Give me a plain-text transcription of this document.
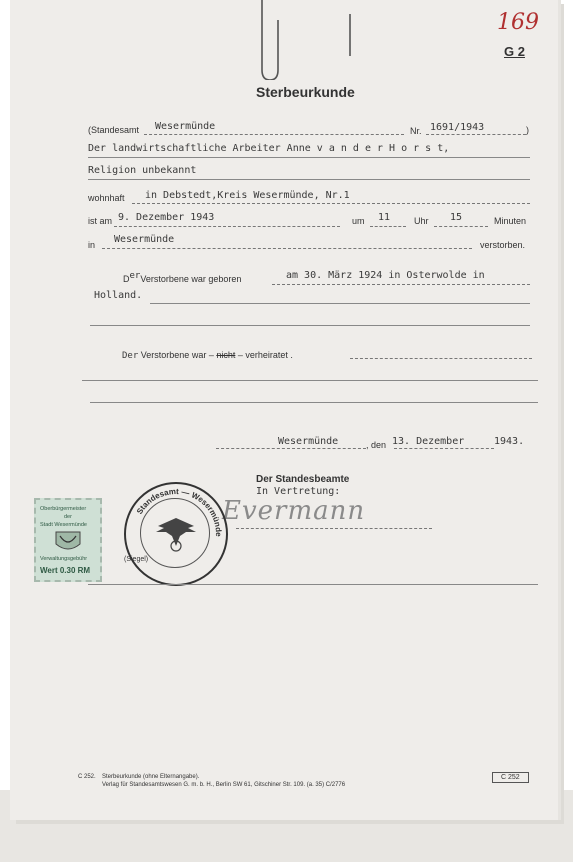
169
G 2
Sterbeurkunde
(Standesamt Wesermünde	Nr. 1691/1943	)
Der landwirtschaftliche Arbeiter Anne v a n d e r H o r s t,
Religion unbekannt
wohnhaft in Debstedt,Kreis Wesermünde, Nr.1
ist am 9. Dezember 1943	um 11	Uhr 15	Minuten
in Wesermünde	verstorben.
DerVerstorbene war geboren	am 30. März 1924 in Osterwolde in
Holland.
Der Verstorbene war – nicht – verheiratet .
Wesermünde	, den 13. Dezember	1943.
Der Standesbeamte
In Vertretung:
Evermann
Oberbürgermeister
der
Stadt Wesermünde
Verwaltungsgebühr
Wert 0.30 RM
Standesamt — Wesermünde
(Siegel)
C 252. Sterbeurkunde (ohne Elternangabe).
Verlag für Standesamtswesen G. m. b. H., Berlin SW 61, Gitschiner Str. 109. (a. 35) C/2776
C 252
